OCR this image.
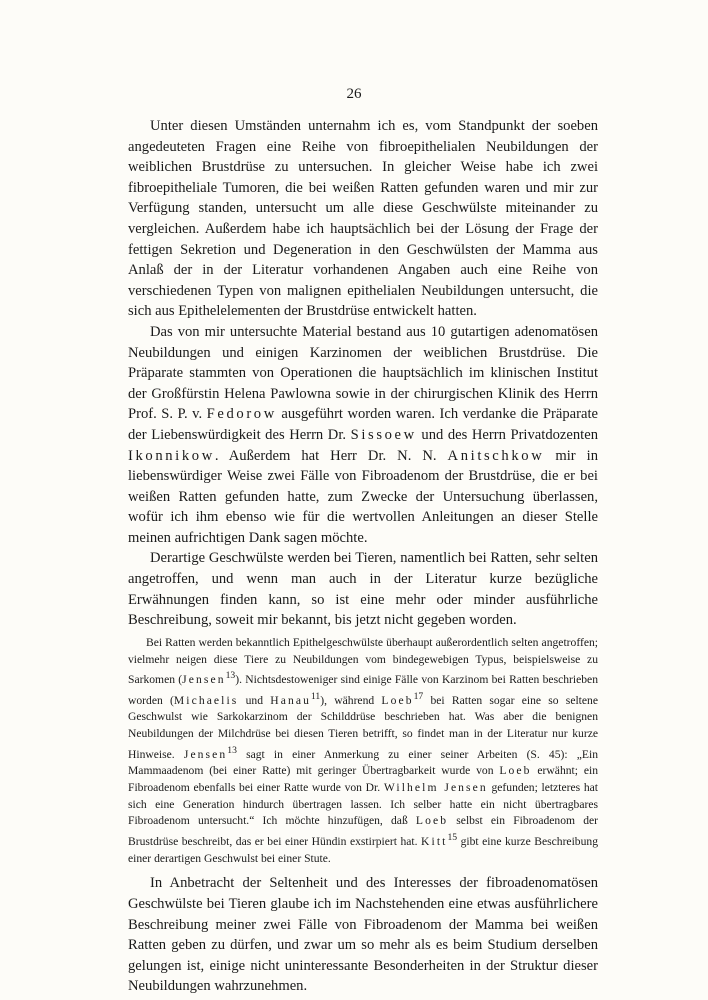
26

Unter diesen Umständen unternahm ich es, vom Standpunkt der soeben angedeuteten Fragen eine Reihe von fibroepithelialen Neubildungen der weiblichen Brustdrüse zu untersuchen. In gleicher Weise habe ich zwei fibroepitheliale Tumoren, die bei weißen Ratten gefunden waren und mir zur Verfügung standen, untersucht um alle diese Geschwülste miteinander zu vergleichen. Außerdem habe ich hauptsächlich bei der Lösung der Frage der fettigen Sekretion und Degeneration in den Geschwülsten der Mamma aus Anlaß der in der Literatur vorhandenen Angaben auch eine Reihe von verschiedenen Typen von malignen epithelialen Neubildungen untersucht, die sich aus Epithelelementen der Brustdrüse entwickelt hatten.

Das von mir untersuchte Material bestand aus 10 gutartigen adenomatösen Neubildungen und einigen Karzinomen der weiblichen Brustdrüse. Die Präparate stammten von Operationen die hauptsächlich im klinischen Institut der Großfürstin Helena Pawlowna sowie in der chirurgischen Klinik des Herrn Prof. S. P. v. Fedorow ausgeführt worden waren. Ich verdanke die Präparate der Liebenswürdigkeit des Herrn Dr. Sissoew und des Herrn Privatdozenten Ikonnikow. Außerdem hat Herr Dr. N. N. Anitschkow mir in liebenswürdiger Weise zwei Fälle von Fibroadenom der Brustdrüse, die er bei weißen Ratten gefunden hatte, zum Zwecke der Untersuchung überlassen, wofür ich ihm ebenso wie für die wertvollen Anleitungen an dieser Stelle meinen aufrichtigen Dank sagen möchte.

Derartige Geschwülste werden bei Tieren, namentlich bei Ratten, sehr selten angetroffen, und wenn man auch in der Literatur kurze bezügliche Erwähnungen finden kann, so ist eine mehr oder minder ausführliche Beschreibung, soweit mir bekannt, bis jetzt nicht gegeben worden.

Bei Ratten werden bekanntlich Epithelgeschwülste überhaupt außerordentlich selten angetroffen; vielmehr neigen diese Tiere zu Neubildungen vom bindegewebigen Typus, beispielsweise zu Sarkomen (Jensen$^{13}$). Nichtsdestoweniger sind einige Fälle von Karzinom bei Ratten beschrieben worden (Michaelis und Hanau$^{11}$), während Loeb$^{17}$ bei Ratten sogar eine so seltene Geschwulst wie Sarkokarzinom der Schilddrüse beschrieben hat. Was aber die benignen Neubildungen der Milchdrüse bei diesen Tieren betrifft, so findet man in der Literatur nur kurze Hinweise. Jensen$^{13}$ sagt in einer Anmerkung zu einer seiner Arbeiten (S. 45): „Ein Mammaadenom (bei einer Ratte) mit geringer Übertragbarkeit wurde von Loeb erwähnt; ein Fibroadenom ebenfalls bei einer Ratte wurde von Dr. Wilhelm Jensen gefunden; letzteres hat sich eine Generation hindurch übertragen lassen. Ich selber hatte ein nicht übertragbares Fibroadenom untersucht.“ Ich möchte hinzufügen, daß Loeb selbst ein Fibroadenom der Brustdrüse beschreibt, das er bei einer Hündin exstirpiert hat. Kitt$^{15}$ gibt eine kurze Beschreibung einer derartigen Geschwulst bei einer Stute.

In Anbetracht der Seltenheit und des Interesses der fibroadenomatösen Geschwülste bei Tieren glaube ich im Nachstehenden eine etwas ausführlichere Beschreibung meiner zwei Fälle von Fibroadenom der Mamma bei weißen Ratten geben zu dürfen, und zwar um so mehr als es beim Studium derselben gelungen ist, einige nicht uninteressante Besonderheiten in der Struktur dieser Neubildungen wahrzunehmen.
